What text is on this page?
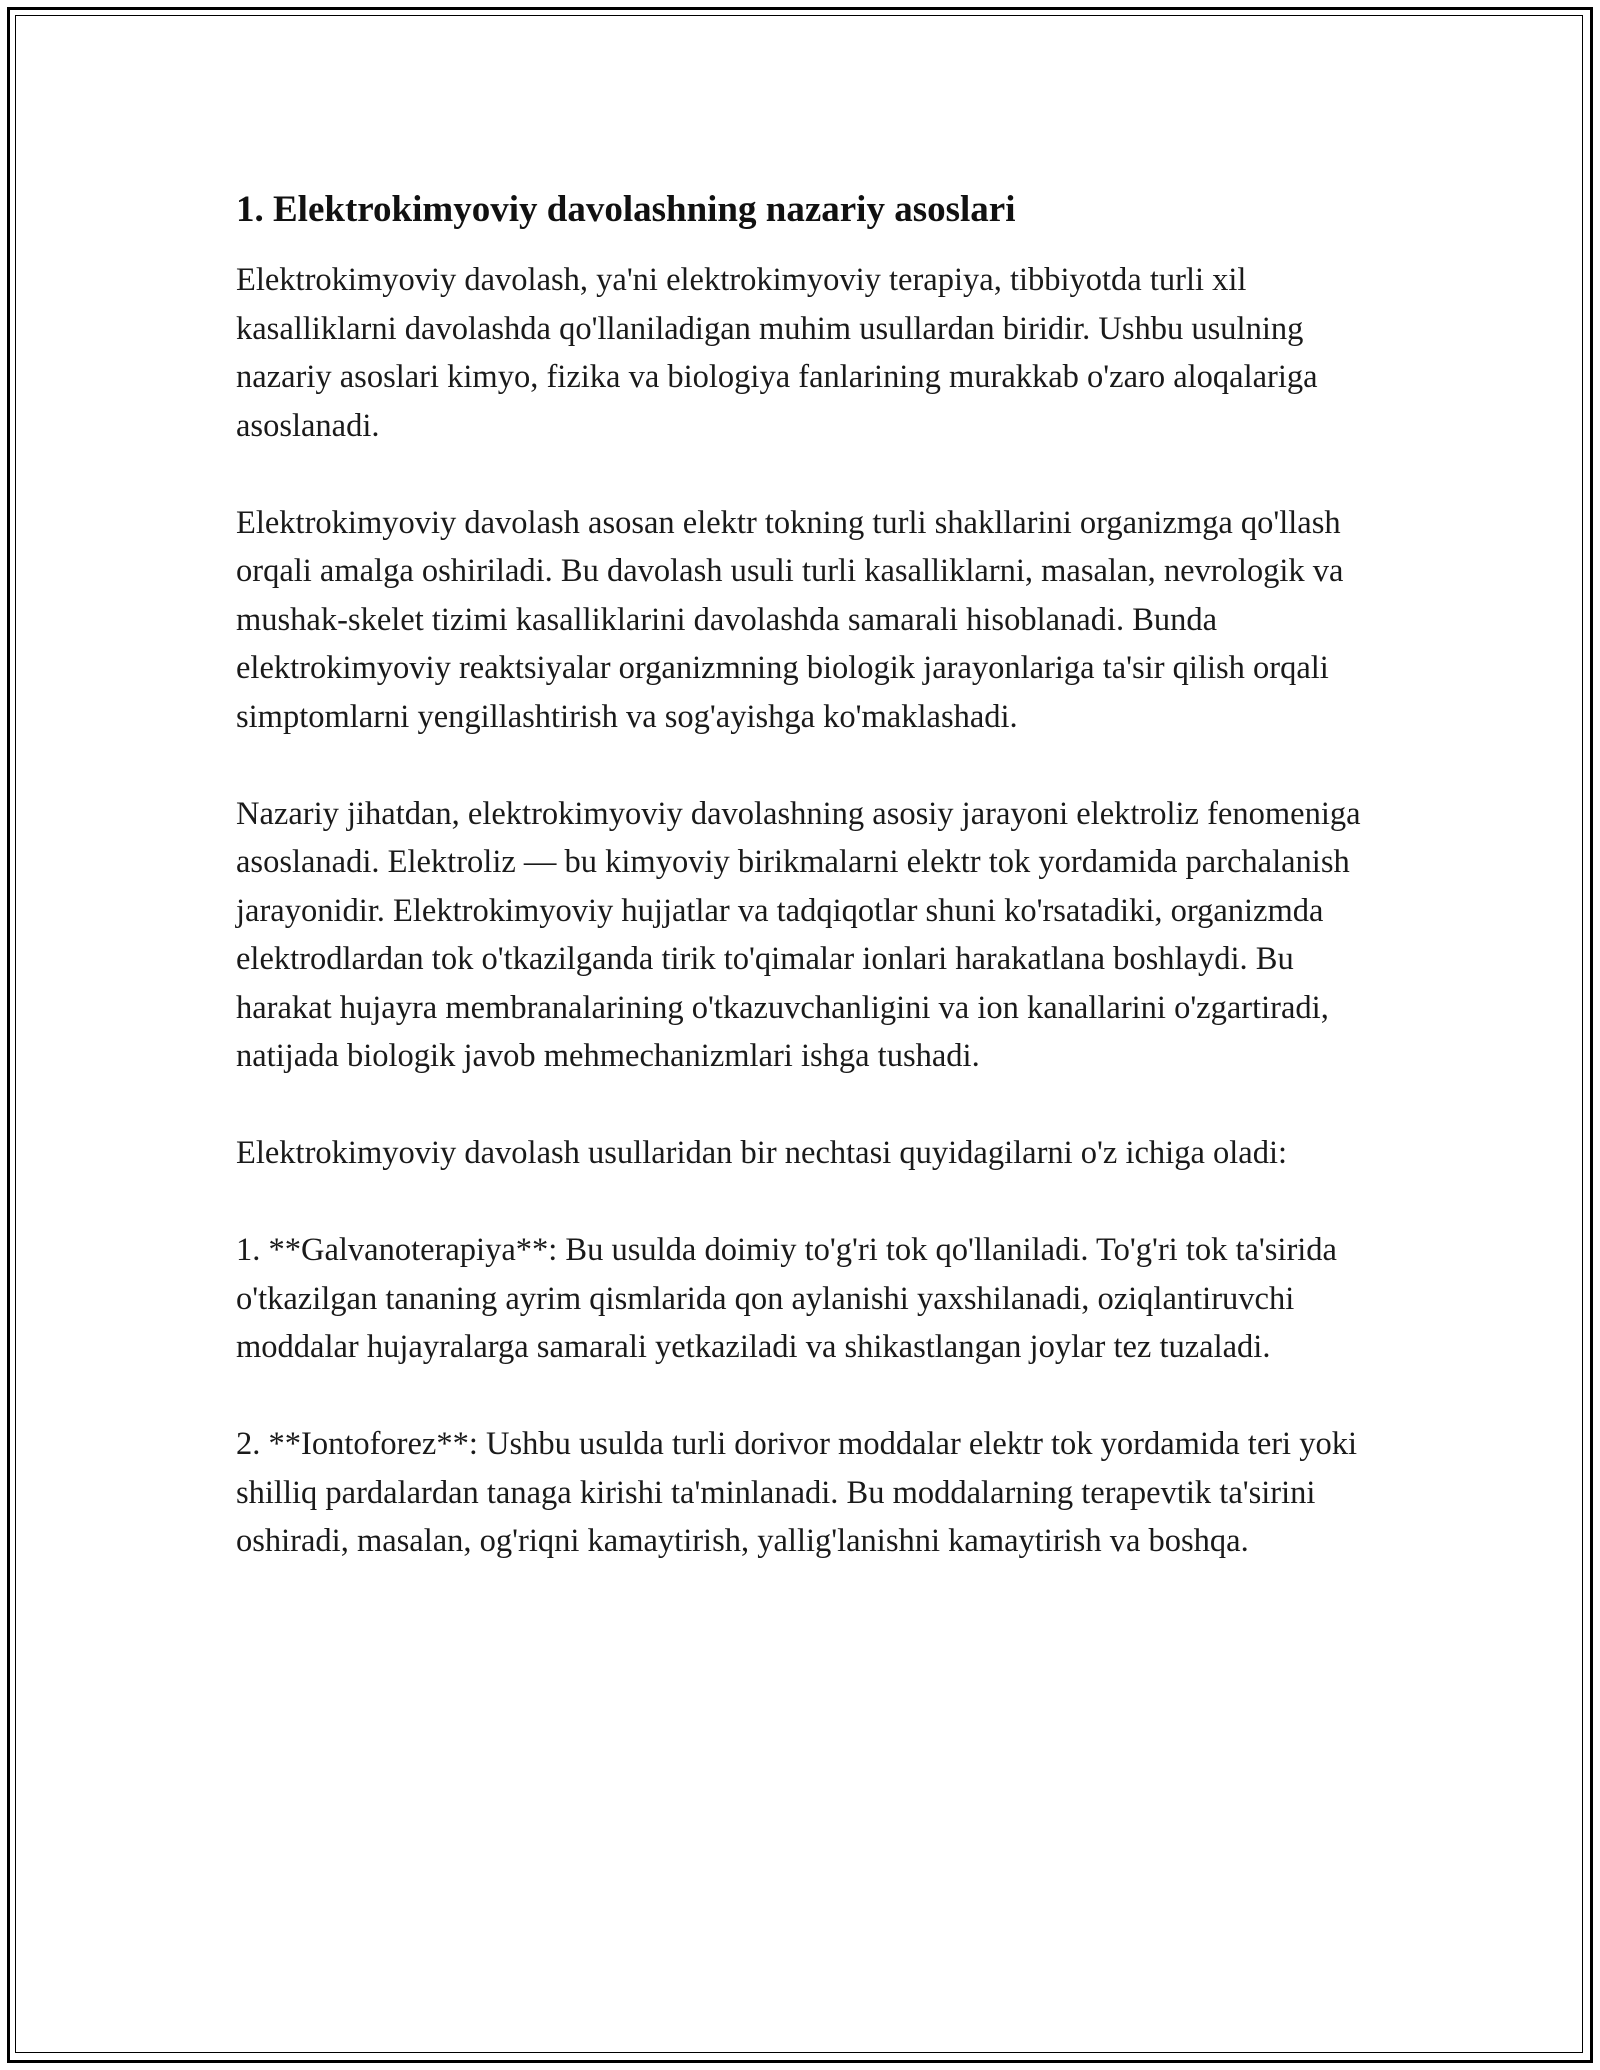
1. Elektrokimyoviy davolashning nazariy asoslari

Elektrokimyoviy davolash, ya'ni elektrokimyoviy terapiya, tibbiyotda turli xil kasalliklarni davolashda qo'llaniladigan muhim usullardan biridir. Ushbu usulning nazariy asoslari kimyo, fizika va biologiya fanlarining murakkab o'zaro aloqalariga asoslanadi.

Elektrokimyoviy davolash asosan elektr tokning turli shakllarini organizmga qo'llash orqali amalga oshiriladi. Bu davolash usuli turli kasalliklarni, masalan, nevrologik va mushak-skelet tizimi kasalliklarini davolashda samarali hisoblanadi. Bunda elektrokimyoviy reaktsiyalar organizmning biologik jarayonlariga ta'sir qilish orqali simptomlarni yengillashtirish va sog'ayishga ko'maklashadi.

Nazariy jihatdan, elektrokimyoviy davolashning asosiy jarayoni elektroliz fenomeniga asoslanadi. Elektroliz — bu kimyoviy birikmalarni elektr tok yordamida parchalanish jarayonidir. Elektrokimyoviy hujjatlar va tadqiqotlar shuni ko'rsatadiki, organizmda elektrodlardan tok o'tkazilganda tirik to'qimalar ionlari harakatlana boshlaydi. Bu harakat hujayra membranalarining o'tkazuvchanligini va ion kanallarini o'zgartiradi, natijada biologik javob mehmechanizmlari ishga tushadi.

Elektrokimyoviy davolash usullaridan bir nechtasi quyidagilarni o'z ichiga oladi:

1. **Galvanoterapiya**: Bu usulda doimiy to'g'ri tok qo'llaniladi. To'g'ri tok ta'sirida o'tkazilgan tananing ayrim qismlarida qon aylanishi yaxshilanadi, oziqlantiruvchi moddalar hujayralarga samarali yetkaziladi va shikastlangan joylar tez tuzaladi.

2. **Iontoforez**: Ushbu usulda turli dorivor moddalar elektr tok yordamida teri yoki shilliq pardalardan tanaga kirishi ta'minlanadi. Bu moddalarning terapevtik ta'sirini oshiradi, masalan, og'riqni kamaytirish, yallig'lanishni kamaytirish va boshqa.
